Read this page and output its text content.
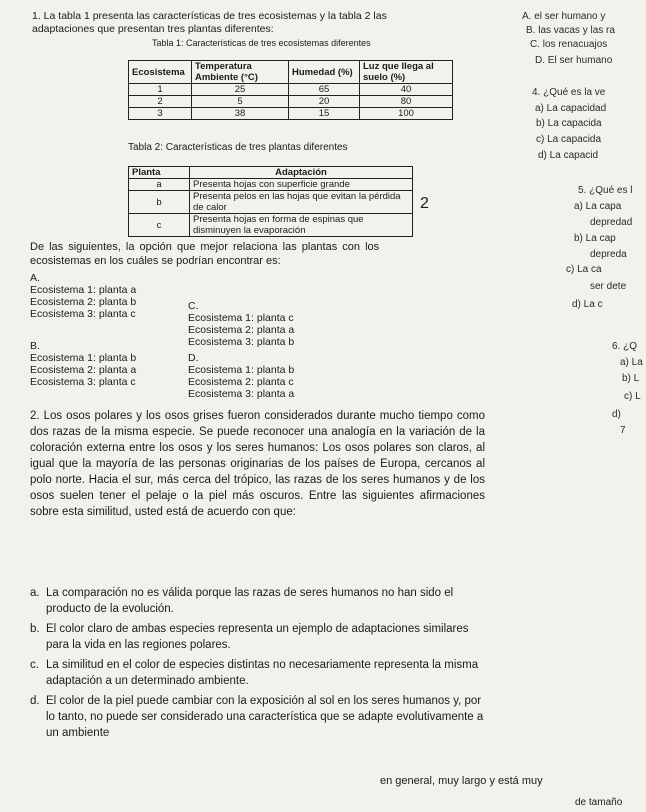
1. La tabla 1 presenta las características de tres ecosistemas y la tabla 2 las
adaptaciones que presentan tres plantas diferentes:
Tabla 1: Características de tres ecosistemas diferentes
Ecosistema	Temperatura Ambiente (°C)	Humedad (%)	Luz que llega al suelo (%)
1	25	65	40
2	5	20	80
3	38	15	100
Tabla 2: Características de tres plantas diferentes
Planta	Adaptación
a	Presenta hojas con superficie grande
b	Presenta pelos en las hojas que evitan la pérdida de calor
c	Presenta hojas en forma de espinas que disminuyen la evaporación
2
De las siguientes, la opción que mejor relaciona las plantas con los
ecosistemas en los cuáles se podrían encontrar es:
A.
Ecosistema 1: planta a
Ecosistema 2: planta b
Ecosistema 3: planta c
B.
Ecosistema 1: planta b
Ecosistema 2: planta a
Ecosistema 3: planta c
C.
Ecosistema 1: planta c
Ecosistema 2: planta a
Ecosistema 3: planta b
D.
Ecosistema 1: planta b
Ecosistema 2: planta c
Ecosistema 3: planta a
2. Los osos polares y los osos grises fueron considerados durante mucho tiempo como dos razas de la misma especie. Se puede reconocer una analogía en la variación de la coloración externa entre los osos y los seres humanos: Los osos polares son claros, al igual que la mayoría de las personas originarias de los países de Europa, cercanos al polo norte. Hacia el sur, más cerca del trópico, las razas de los seres humanos y de los osos suelen tener el pelaje o la piel más oscuros. Entre las siguientes afirmaciones sobre esta similitud, usted está de acuerdo con que:

a. La comparación no es válida porque las razas de seres humanos no han sido el producto de la evolución.

b. El color claro de ambas especies representa un ejemplo de adaptaciones similares para la vida en las regiones polares.

c. La similitud en el color de especies distintas no necesariamente representa la misma adaptación a un determinado ambiente.

d. El color de la piel puede cambiar con la exposición al sol en los seres humanos y, por lo tanto, no puede ser considerado una característica que se adapte evolutivamente a un ambiente

en general, muy largo y está muy
de tamaño
A. el ser humano y
B. las vacas y las ra
C. los renacuajos
D. El ser humano
4. ¿Qué es la ve
a) La capacidad
b) La capacida
c) La capacida
d) La capacid
5. ¿Qué es l
a) La capa
depredad
b) La cap
depreda
c) La ca
ser dete
d) La c
6. ¿Q
a) La
b) L
c) L
d)
7
